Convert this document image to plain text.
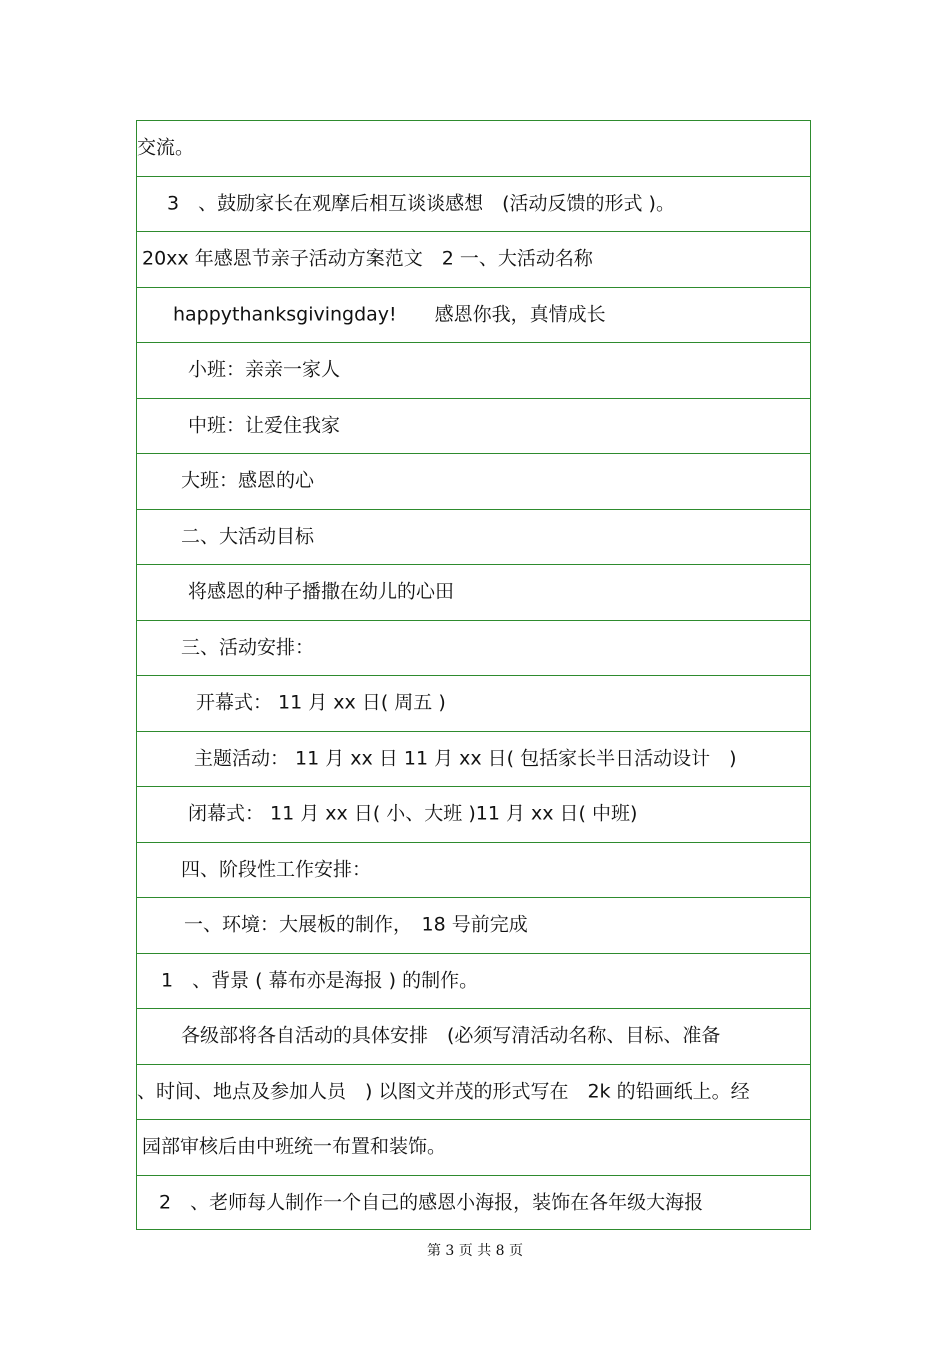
交流。
3　、鼓励家长在观摩后相互谈谈感想　(活动反馈的形式 )。
20xx 年感恩节亲子活动方案范文　2 一、大活动名称
happythanksgivingday!　　感恩你我，真情成长
小班：亲亲一家人
中班：让爱住我家
大班：感恩的心
二、大活动目标
将感恩的种子播撒在幼儿的心田
三、活动安排：
开幕式： 11 月 xx 日( 周五 )
主题活动： 11 月 xx 日 11 月 xx 日( 包括家长半日活动设计　)
闭幕式： 11 月 xx 日( 小、大班 )11 月 xx 日( 中班)
四、阶段性工作安排：
一、环境：大展板的制作，　18 号前完成
1　、背景 ( 幕布亦是海报 ) 的制作。
各级部将各自活动的具体安排　(必须写清活动名称、目标、准备
、时间、地点及参加人员　) 以图文并茂的形式写在　2k 的铅画纸上。经
园部审核后由中班统一布置和装饰。
2　、老师每人制作一个自己的感恩小海报，装饰在各年级大海报
第 3 页 共 8 页
